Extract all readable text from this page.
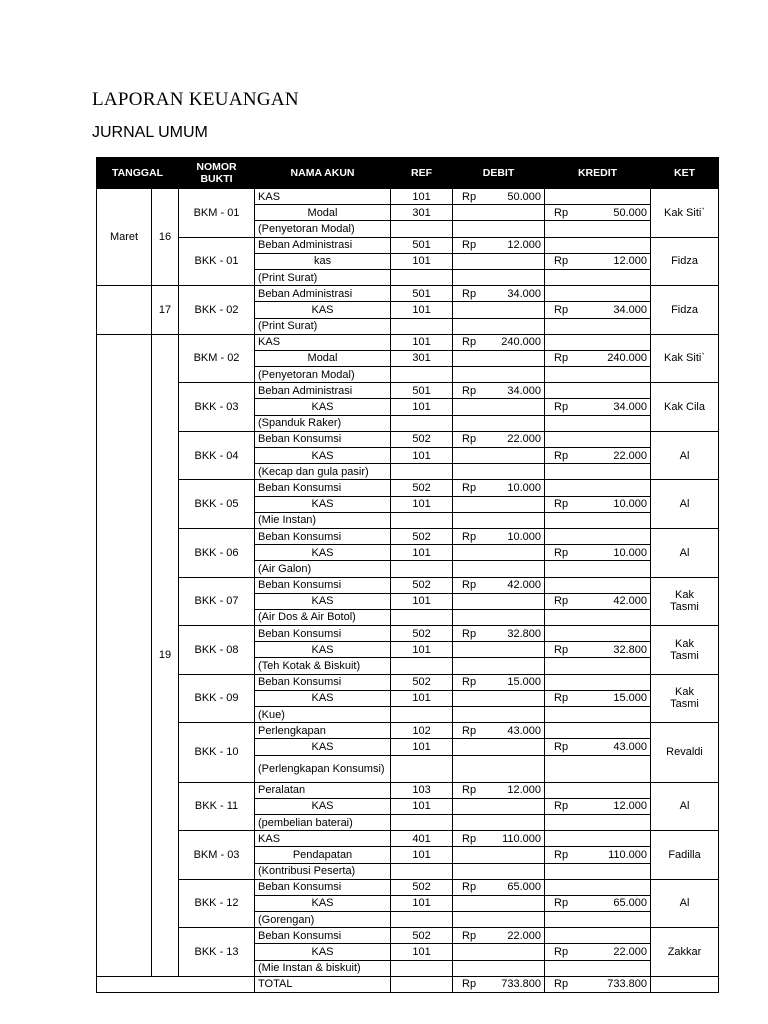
LAPORAN KEUANGAN
JURNAL UMUM
TANGGAL		NOMOR BUKTI	NAMA AKUN	REF	DEBIT	KREDIT	KET
Maret	16	BKM - 01	KAS	101	Rp 50.000		Kak Siti`
			Modal	301		Rp 50.000	

			(Penyetoran Modal)				
		BKK - 01	Beban Administrasi	501	Rp 12.000		Fidza
			kas	101		Rp 12.000	

			(Print Surat)				
	17	BKK - 02	Beban Administrasi	501	Rp 34.000		Fidza
			KAS	101		Rp 34.000	

			(Print Surat)				
	19	BKM - 02	KAS	101	Rp 240.000		Kak Siti`
			Modal	301		Rp 240.000	

			(Penyetoran Modal)				
		BKK - 03	Beban Administrasi	501	Rp 34.000		Kak Cila
			KAS	101		Rp 34.000	

			(Spanduk Raker)				
		BKK - 04	Beban Konsumsi	502	Rp 22.000		Al
			KAS	101		Rp 22.000	

			(Kecap dan gula pasir)				
		BKK - 05	Beban Konsumsi	502	Rp 10.000		Al
			KAS	101		Rp 10.000	

			(Mie Instan)				
		BKK - 06	Beban Konsumsi	502	Rp 10.000		Al
			KAS	101		Rp 10.000	

			(Air Galon)				
		BKK - 07	Beban Konsumsi	502	Rp 42.000		Kak Tasmi
			KAS	101		Rp 42.000	

			(Air Dos & Air Botol)				
		BKK - 08	Beban Konsumsi	502	Rp 32.800		Kak Tasmi
			KAS	101		Rp 32.800	

			(Teh Kotak & Biskuit)				
		BKK - 09	Beban Konsumsi	502	Rp 15.000		Kak Tasmi
			KAS	101		Rp 15.000	

			(Kue)				
		BKK - 10	Perlengkapan	102	Rp 43.000		Revaldi
			KAS	101		Rp 43.000	

			(Perlengkapan Konsumsi)				
		BKK - 11	Peralatan	103	Rp 12.000		Al
			KAS	101		Rp 12.000	

			(pembelian baterai)				
		BKM - 03	KAS	401	Rp 110.000		Fadilla
			Pendapatan	101		Rp 110.000	

			(Kontribusi Peserta)				
		BKK - 12	Beban Konsumsi	502	Rp 65.000		Al
			KAS	101		Rp 65.000	

			(Gorengan)				
		BKK - 13	Beban Konsumsi	502	Rp 22.000		Zakkar
			KAS	101		Rp 22.000	

			(Mie Instan & biskuit)				
			TOTAL		Rp 733.800	Rp 733.800	
